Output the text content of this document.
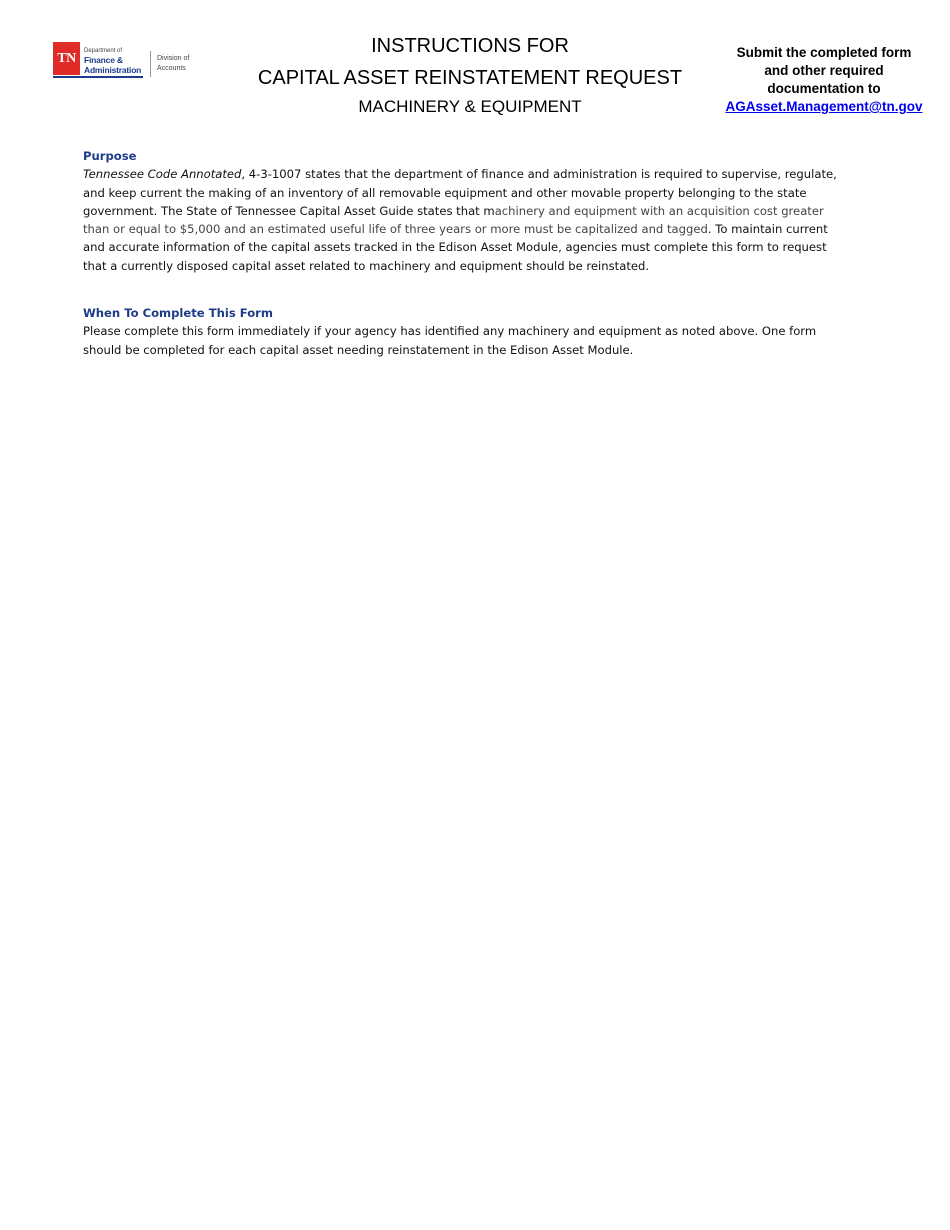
TN	Department of
Finance &
Administration
Division of
Accounts
INSTRUCTIONS FOR
CAPITAL ASSET REINSTATEMENT REQUEST
MACHINERY & EQUIPMENT
Submit the completed form
and other required
documentation to
AGAsset.Management@tn.gov
Purpose
Tennessee Code Annotated, 4-3-1007 states that the department of finance and administration is required to supervise, regulate, and keep current the making of an inventory of all removable equipment and other movable property belonging to the state government. The State of Tennessee Capital Asset Guide states that machinery and equipment with an acquisition cost greater than or equal to $5,000 and an estimated useful life of three years or more must be capitalized and tagged. To maintain current and accurate information of the capital assets tracked in the Edison Asset Module, agencies must complete this form to request that a currently disposed capital asset related to machinery and equipment should be reinstated.
When To Complete This Form
Please complete this form immediately if your agency has identified any machinery and equipment as noted above. One form should be completed for each capital asset needing reinstatement in the Edison Asset Module.
